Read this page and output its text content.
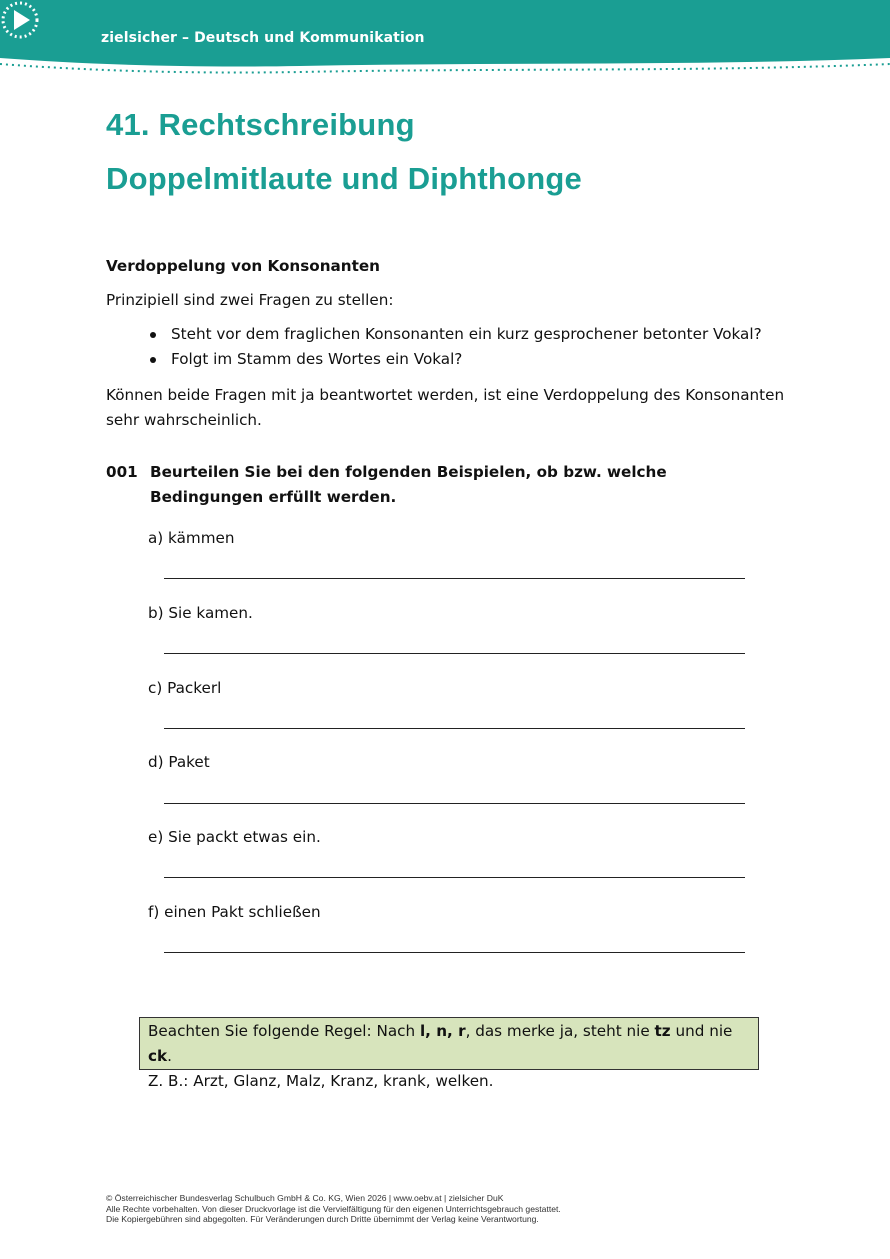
zielsicher – Deutsch und Kommunikation
41. Rechtschreibung
Doppelmitlaute und Diphthonge
Verdoppelung von Konsonanten
Prinzipiell sind zwei Fragen zu stellen:
Steht vor dem fraglichen Konsonanten ein kurz gesprochener betonter Vokal?
Folgt im Stamm des Wortes ein Vokal?
Können beide Fragen mit ja beantwortet werden, ist eine Verdoppelung des Konsonanten sehr wahrscheinlich.
001 Beurteilen Sie bei den folgenden Beispielen, ob bzw. welche Bedingungen erfüllt werden.
a) kämmen
b) Sie kamen.
c) Packerl
d) Paket
e) Sie packt etwas ein.
f) einen Pakt schließen
Beachten Sie folgende Regel: Nach l, n, r, das merke ja, steht nie tz und nie ck.
Z. B.: Arzt, Glanz, Malz, Kranz, krank, welken.
© Österreichischer Bundesverlag Schulbuch GmbH & Co. KG, Wien 2026 | www.oebv.at | zielsicher DuK
Alle Rechte vorbehalten. Von dieser Druckvorlage ist die Vervielfältigung für den eigenen Unterrichtsgebrauch gestattet.
Die Kopiergebühren sind abgegolten. Für Veränderungen durch Dritte übernimmt der Verlag keine Verantwortung.
